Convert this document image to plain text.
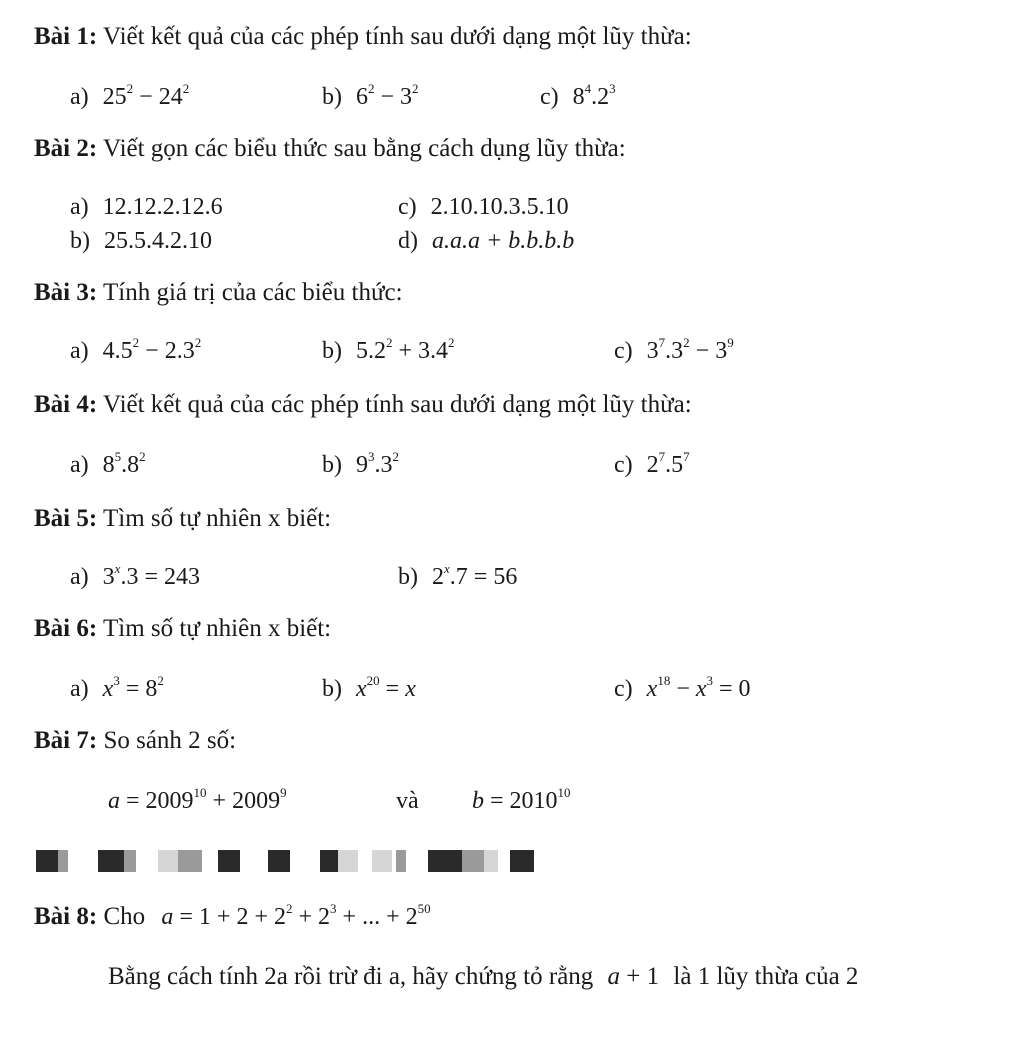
Bài 1: Viết kết quả của các phép tính sau dưới dạng một lũy thừa:
a) $25^2 - 24^2$	b) $6^2 - 3^2$	c) $8^4.2^3$
Bài 2: Viết gọn các biểu thức sau bằng cách dụng lũy thừa:
a) 12.12.2.12.6	c) 2.10.10.3.5.10
b) 25.5.4.2.10	d) a.a.a + b.b.b.b
Bài 3: Tính giá trị của các biểu thức:
a) $4.5^2 - 2.3^2$	b) $5.2^2 + 3.4^2$	c) $3^7.3^2 - 3^9$
Bài 4: Viết kết quả của các phép tính sau dưới dạng một lũy thừa:
a) $8^5.8^2$	b) $9^3.3^2$	c) $2^7.5^7$
Bài 5: Tìm số tự nhiên x biết:
a) $3^x.3 = 243$	b) $2^x.7 = 56$
Bài 6: Tìm số tự nhiên x biết:
a) $x^3 = 8^2$	b) $x^{20} = x$	c) $x^{18} - x^3 = 0$
Bài 7: So sánh 2 số:
$a = 2009^{10} + 2009^9$	và $b = 2010^{10}$
Bài 8: Cho $a = 1 + 2 + 2^2 + 2^3$ + ... + $2^{50}$
Bằng cách tính 2a rồi trừ đi a, hãy chứng tỏ rằng a + 1 là 1 lũy thừa của 2
